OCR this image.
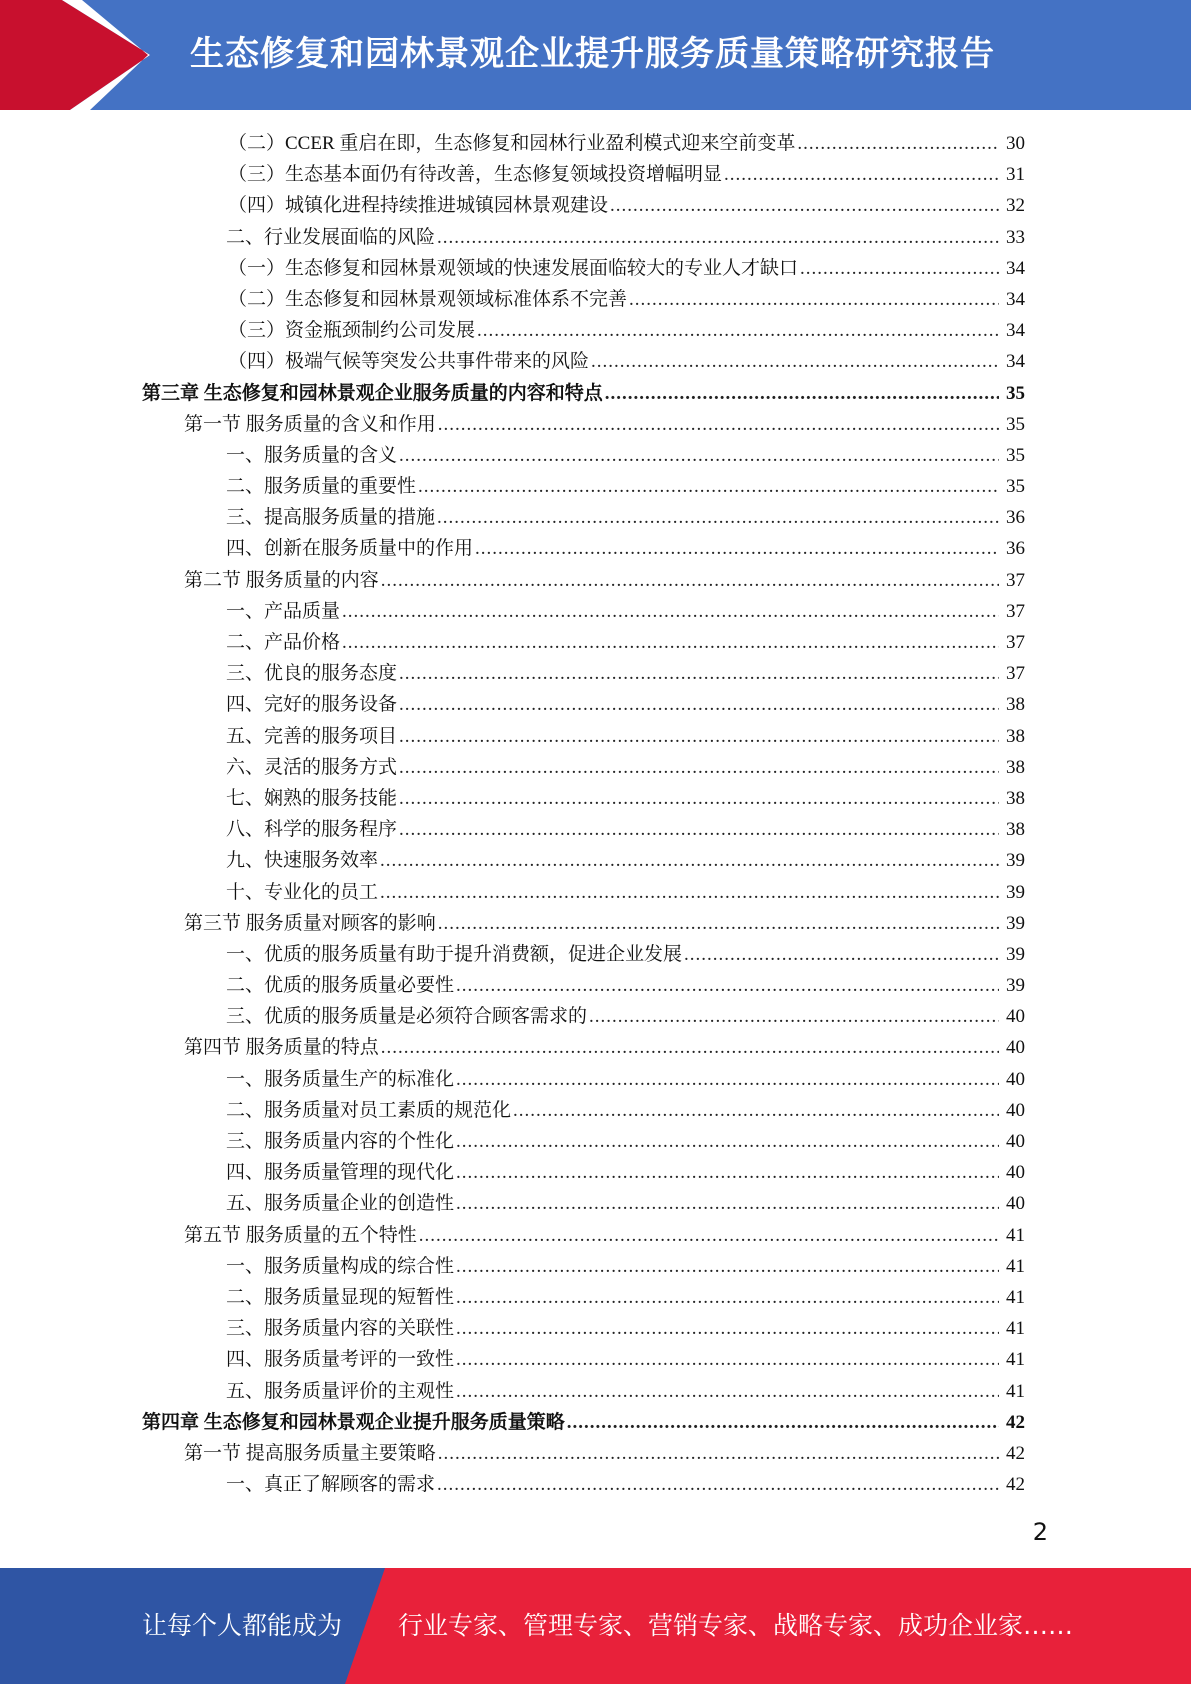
生态修复和园林景观企业提升服务质量策略研究报告
（二）CCER 重启在即，生态修复和园林行业盈利模式迎来空前变革 .....	30
（三）生态基本面仍有待改善，生态修复领域投资增幅明显 .....	31
（四）城镇化进程持续推进城镇园林景观建设 .....	32
二、行业发展面临的风险 .....	33
（一）生态修复和园林景观领域的快速发展面临较大的专业人才缺口 .....	34
（二）生态修复和园林景观领域标准体系不完善 .....	34
（三）资金瓶颈制约公司发展 .....	34
（四）极端气候等突发公共事件带来的风险 .....	34
第三章 生态修复和园林景观企业服务质量的内容和特点 .....	35
第一节 服务质量的含义和作用 .....	35
一、服务质量的含义 .....	35
二、服务质量的重要性 .....	35
三、提高服务质量的措施 .....	36
四、创新在服务质量中的作用 .....	36
第二节 服务质量的内容 .....	37
一、产品质量 .....	37
二、产品价格 .....	37
三、优良的服务态度 .....	37
四、完好的服务设备 .....	38
五、完善的服务项目 .....	38
六、灵活的服务方式 .....	38
七、娴熟的服务技能 .....	38
八、科学的服务程序 .....	38
九、快速服务效率 .....	39
十、专业化的员工 .....	39
第三节 服务质量对顾客的影响 .....	39
一、优质的服务质量有助于提升消费额，促进企业发展 .....	39
二、优质的服务质量必要性 .....	39
三、优质的服务质量是必须符合顾客需求的 .....	40
第四节 服务质量的特点 .....	40
一、服务质量生产的标准化 .....	40
二、服务质量对员工素质的规范化 .....	40
三、服务质量内容的个性化 .....	40
四、服务质量管理的现代化 .....	40
五、服务质量企业的创造性 .....	40
第五节 服务质量的五个特性 .....	41
一、服务质量构成的综合性 .....	41
二、服务质量显现的短暂性 .....	41
三、服务质量内容的关联性 .....	41
四、服务质量考评的一致性 .....	41
五、服务质量评价的主观性 .....	41
第四章 生态修复和园林景观企业提升服务质量策略 .....	42
第一节 提高服务质量主要策略 .....	42
一、真正了解顾客的需求 .....	42
2
让每个人都能成为 行业专家、管理专家、营销专家、战略专家、成功企业家……
